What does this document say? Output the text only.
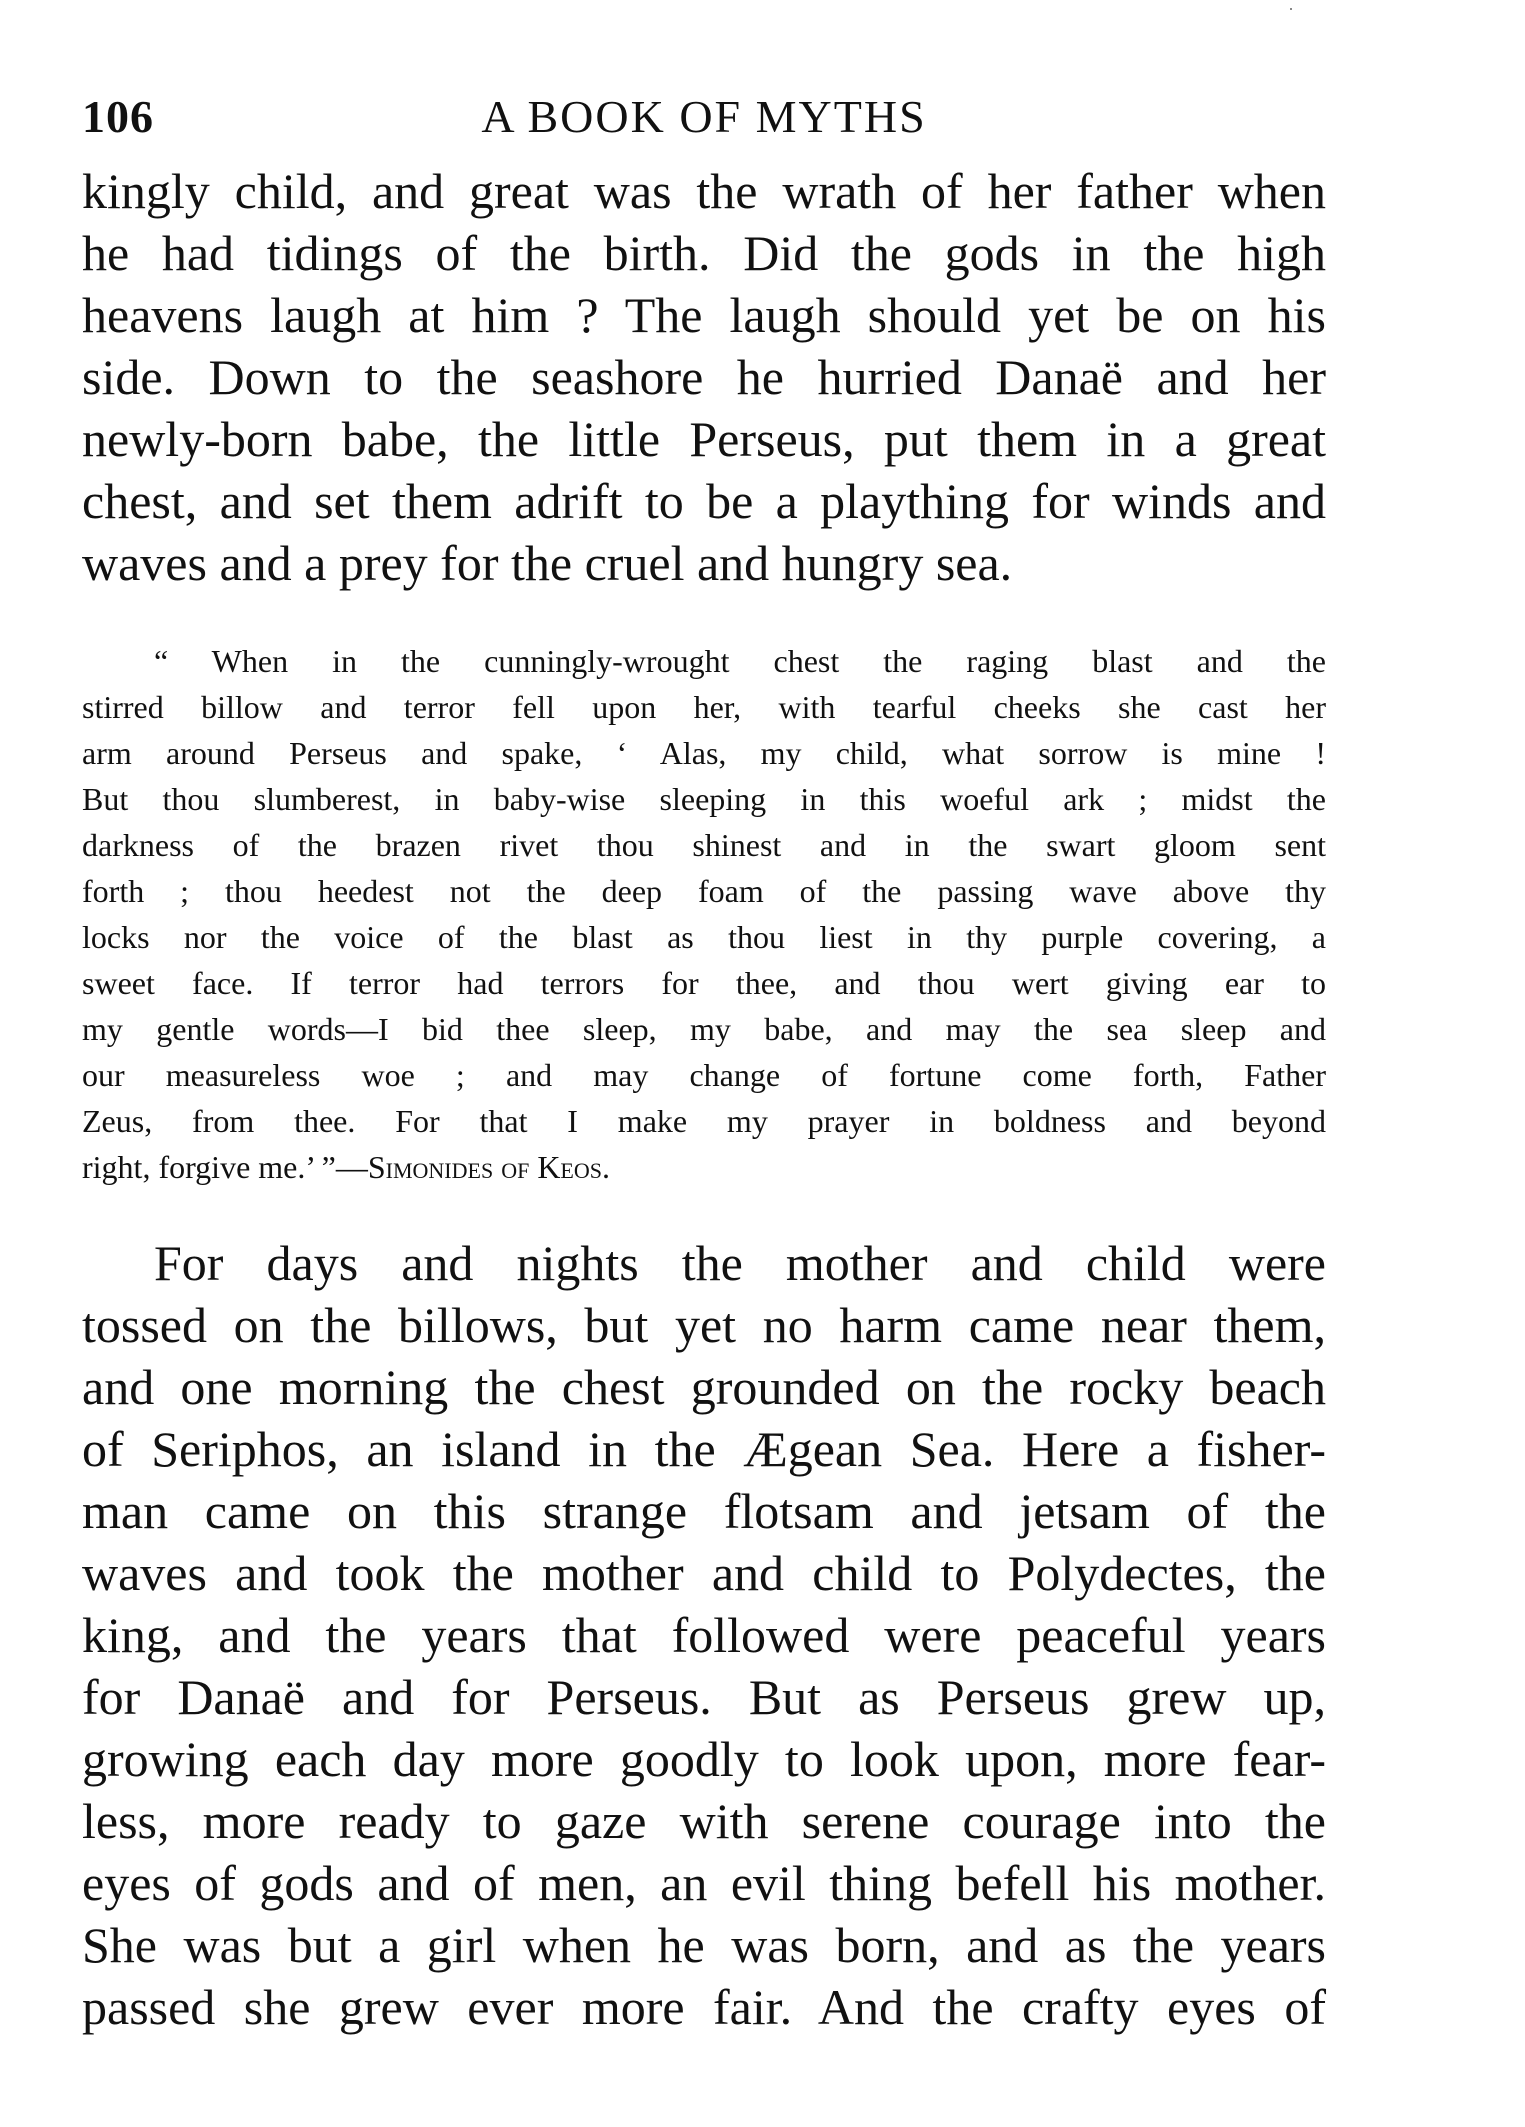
106	A BOOK OF MYTHS
kingly child, and great was the wrath of her father when
he had tidings of the birth. Did the gods in the high
heavens laugh at him ? The laugh should yet be on his
side. Down to the seashore he hurried Danaë and her
newly-born babe, the little Perseus, put them in a great
chest, and set them adrift to be a plaything for winds and
waves and a prey for the cruel and hungry sea.
“ When in the cunningly-wrought chest the raging blast and the
stirred billow and terror fell upon her, with tearful cheeks she cast her
arm around Perseus and spake, ‘ Alas, my child, what sorrow is mine !
But thou slumberest, in baby-wise sleeping in this woeful ark ; midst the
darkness of the brazen rivet thou shinest and in the swart gloom sent
forth ; thou heedest not the deep foam of the passing wave above thy
locks nor the voice of the blast as thou liest in thy purple covering, a
sweet face. If terror had terrors for thee, and thou wert giving ear to
my gentle words—I bid thee sleep, my babe, and may the sea sleep and
our measureless woe ; and may change of fortune come forth, Father
Zeus, from thee. For that I make my prayer in boldness and beyond
right, forgive me.’ ”—Simonides of Keos.
For days and nights the mother and child were
tossed on the billows, but yet no harm came near them,
and one morning the chest grounded on the rocky beach
of Seriphos, an island in the Ægean Sea. Here a fisher-
man came on this strange flotsam and jetsam of the
waves and took the mother and child to Polydectes, the
king, and the years that followed were peaceful years
for Danaë and for Perseus. But as Perseus grew up,
growing each day more goodly to look upon, more fear-
less, more ready to gaze with serene courage into the
eyes of gods and of men, an evil thing befell his mother.
She was but a girl when he was born, and as the years
passed she grew ever more fair. And the crafty eyes of
